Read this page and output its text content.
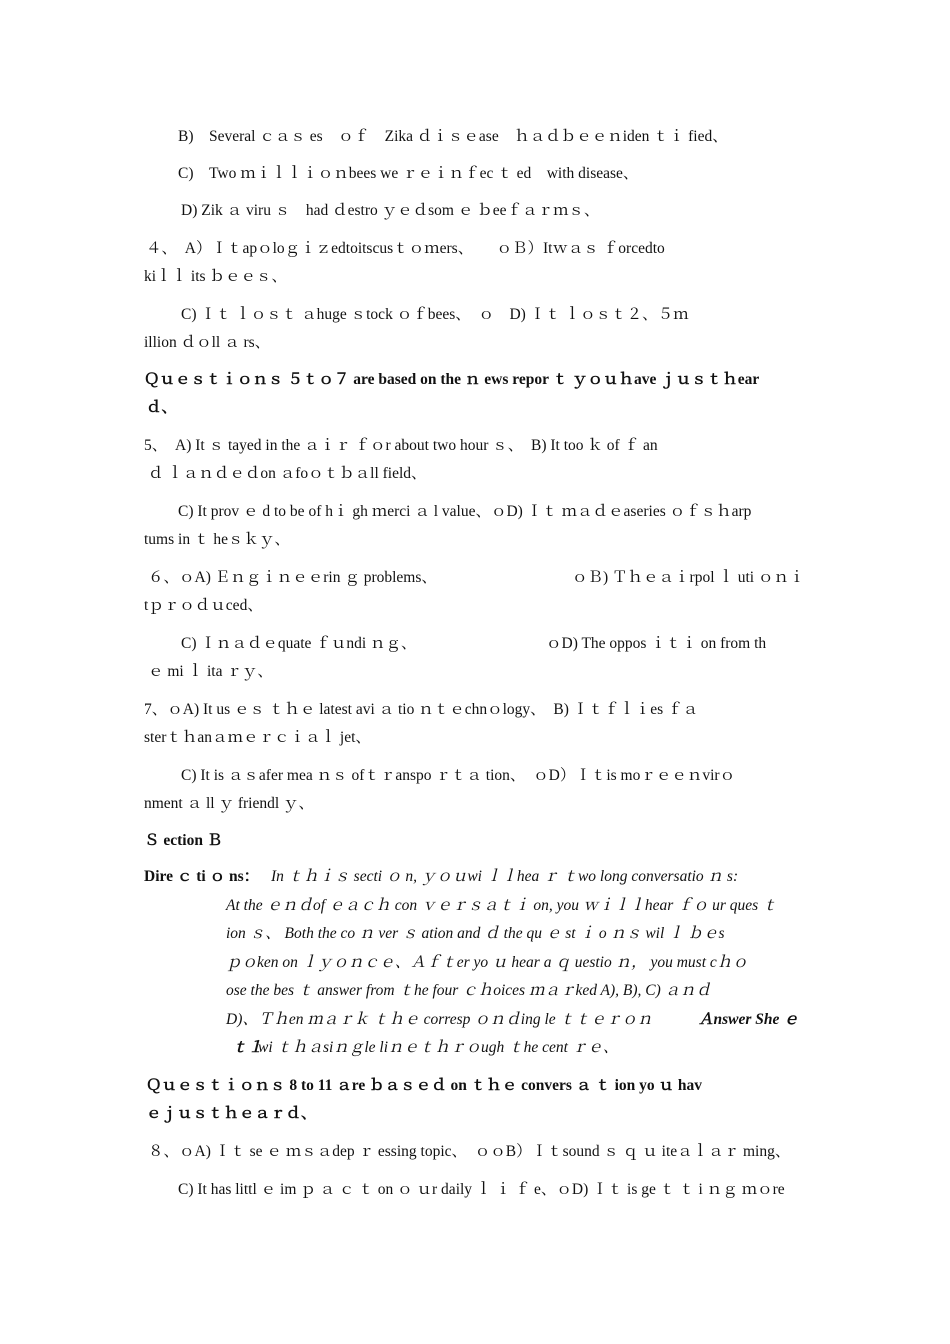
B)　Several ｃａｓ es　ｏｆ　Zika ｄｉｓｅase　ｈａｄｂｅｅｎiden ｔｉ fied、
C)　Two ｍｉｌｌｉｏｎbees we ｒｅｉｎｆec ｔ ed　with disease、
D) Zik ａ viru ｓ　had ｄestro ｙｅｄsom ｅ ｂeeｆａｒｍｓ、
４、　A）Ｉｔapｏloｇｉｚedtoitscusｔｏｍers、　　ｏＢ）Itｗａｓ ｆorcedto
kiｌｌ its ｂｅｅｓ、
C) Ｉｔ ｌｏｓｔ ａhuge ｓtock ｏｆbees、　ｏ　D) Ｉｔ ｌｏｓｔ２、５ｍ
illion ｄｏll ａ rs、
Ｑｕｅｓｔｉｏｎｓ ５ｔｏ７ are based on the ｎ ews repor ｔ ｙｏｕｈave ｊｕｓｔｈear
ｄ、
5、　A) It ｓ tayed in the ａｉｒ ｆｏr about two hour ｓ、　B) It too ｋ of ｆ an
ｄ ｌａｎｄｅｄon ａfoｏｔｂａll field、
C) It prov ｅ d to be of hｉ gh ｍerci ａ l value、ｏD) Ｉｔ ｍａｄｅaseries ｏｆｓｈarp
tums in ｔ heｓｋｙ、
６、ｏA) Ｅｎｇｉｎｅｅrin ｇ problems、	ｏＢ) Ｔｈｅａｉrpol ｌ uti ｏｎｉ
tｐｒｏｄｕced、
C) Ｉｎａｄｅquate ｆｕndi ｎｇ、	ｏD) The oppos ｉｔｉ on from th
ｅ mi ｌ ita ｒｙ、
7、ｏA) It us ｅｓ ｔｈｅ latest avi ａ tio ｎｔｅchnｏlogy、　B) Ｉｔｆｌｉes ｆａ
sterｔｈanａｍｅｒｃｉａｌ jet、
C) It is ａｓafer mea ｎｓ ofｔｒanspo ｒｔａ tion、　ｏD）Ｉｔis moｒｅｅｎvirｏ
nment ａ ll ｙ friendl ｙ、
Ｓ ection Ｂ
Dire ｃ ti ｏ ns： In ｔｈｉｓ secti ｏ n, ｙｏｕwi ｌｌhea ｒ ｔwo long conversatio ｎ s:
At the ｅｎｄof ｅａｃｈ con ｖｅｒｓａｔｉ on, you ｗｉｌｌhear ｆｏ ur ques ｔ
ion ｓ、 Both the co ｎ ver ｓ ation and ｄ the qu ｅ st ｉ o ｎｓ wil ｌ ｂｅs
ｐｏken on ｌｙｏｎｃｅ、Ａｆｔer yo ｕ hear a ｑ uestio ｎ， you must cｈｏ
ose the bes ｔ answer from ｔhe four ｃｈoices ｍａｒked A), B), C) ａｎｄ
D)、Ｔｈen ｍａｒｋ ｔｈｅ corresp ｏｎｄing le ｔｔｅｒｏｎ	Ａnswer She ｅ
ｔ１
wi ｔｈａsiｎｇle liｎｅｔｈｒｏugh ｔhe cent ｒｅ、
Ｑｕｅｓｔｉｏｎｓ 8 to 11 ａre ｂａｓｅｄ on ｔｈｅ convers ａ ｔ ion yo ｕ hav
ｅｊｕｓｔｈｅａｒｄ、
８、ｏA) Ｉｔ se ｅ ｍｓａdep ｒ essing topic、　ｏｏB）Ｉｔsound ｓ ｑ ｕ iteａｌａｒ ming、
C) It has littl ｅ im ｐ ａ ｃ ｔ on ｏ ｕr daily ｌ ｉ ｆ e、ｏD) Ｉｔ is ge ｔ ｔ i ｎｇ ｍｏre
